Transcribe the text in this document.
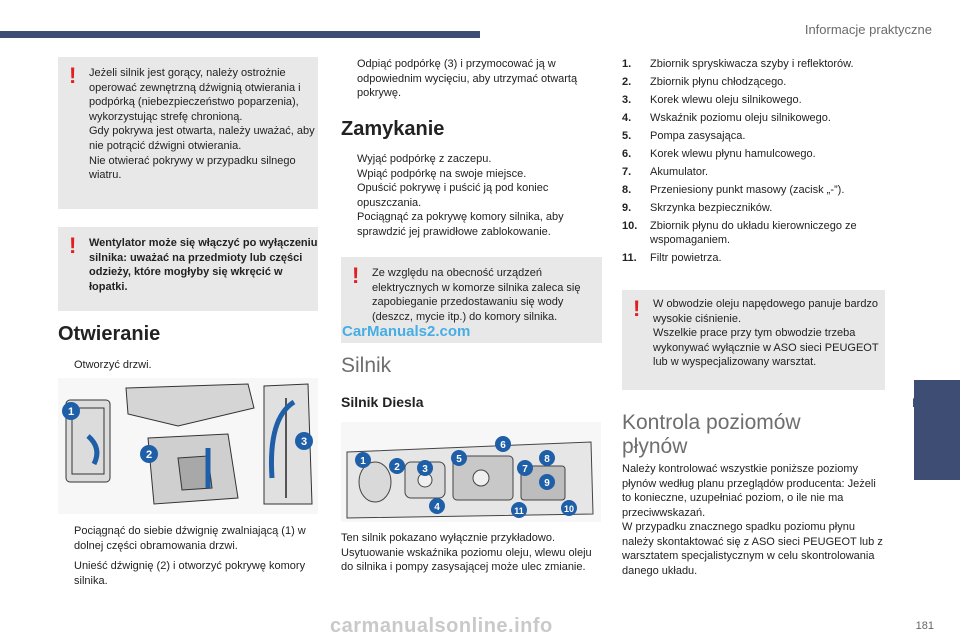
Informacje praktyczne
7
181
!	Jeżeli silnik jest gorący, należy ostrożnie operować zewnętrzną dźwignią otwierania i podpórką (niebezpieczeństwo poparzenia), wykorzystując strefę chronioną.
Gdy pokrywa jest otwarta, należy uważać, aby nie potrącić dźwigni otwierania.
Nie otwierać pokrywy w przypadku silnego wiatru.

!	Wentylator może się włączyć po wyłączeniu silnika: uważać na przedmioty lub części odzieży, które mogłyby się wkręcić w łopatki.

Otwieranie
Otworzyć drzwi.
1
2
3
Pociągnąć do siebie dźwignię zwalniającą (1) w dolnej części obramowania drzwi.
Unieść dźwignię (2) i otworzyć pokrywę komory silnika.
Odpiąć podpórkę (3) i przymocować ją w odpowiednim wycięciu, aby utrzymać otwartą pokrywę.
Zamykanie
Wyjąć podpórkę z zaczepu.
Wpiąć podpórkę na swoje miejsce.
Opuścić pokrywę i puścić ją pod koniec opuszczania.
Pociągnąć za pokrywę komory silnika, aby sprawdzić jej prawidłowe zablokowanie.
!	Ze względu na obecność urządzeń elektrycznych w komorze silnika zaleca się zapobieganie przedostawaniu się wody (deszcz, mycie itp.) do komory silnika.

CarManuals2.com
Silnik
Silnik Diesla
1
2 3
4
5
6
7
8
9
10
11
Ten silnik pokazano wyłącznie przykładowo. Usytuowanie wskaźnika poziomu oleju, wlewu oleju do silnika i pompy zasysającej może ulec zmianie.
1. Zbiornik spryskiwacza szyby i reflektorów.
2. Zbiornik płynu chłodzącego.
3. Korek wlewu oleju silnikowego.
4. Wskaźnik poziomu oleju silnikowego.
5. Pompa zasysająca.
6. Korek wlewu płynu hamulcowego.
7. Akumulator.
8. Przeniesiony punkt masowy (zacisk „-”).
9. Skrzynka bezpieczników.
10. Zbiornik płynu do układu kierowniczego ze wspomaganiem.
11. Filtr powietrza.
!	W obwodzie oleju napędowego panuje bardzo wysokie ciśnienie.
Wszelkie prace przy tym obwodzie trzeba wykonywać wyłącznie w ASO sieci PEUGEOT lub w wyspecjalizowany warsztat.

Kontrola poziomów płynów
Należy kontrolować wszystkie poniższe poziomy płynów według planu przeglądów producenta: Jeżeli to konieczne, uzupełniać poziom, o ile nie ma przeciwwskazań.
W przypadku znacznego spadku poziomu płynu należy skontaktować się z ASO sieci PEUGEOT lub z warsztatem specjalistycznym w celu skontrolowania danego układu.
carmanualsonline.info
